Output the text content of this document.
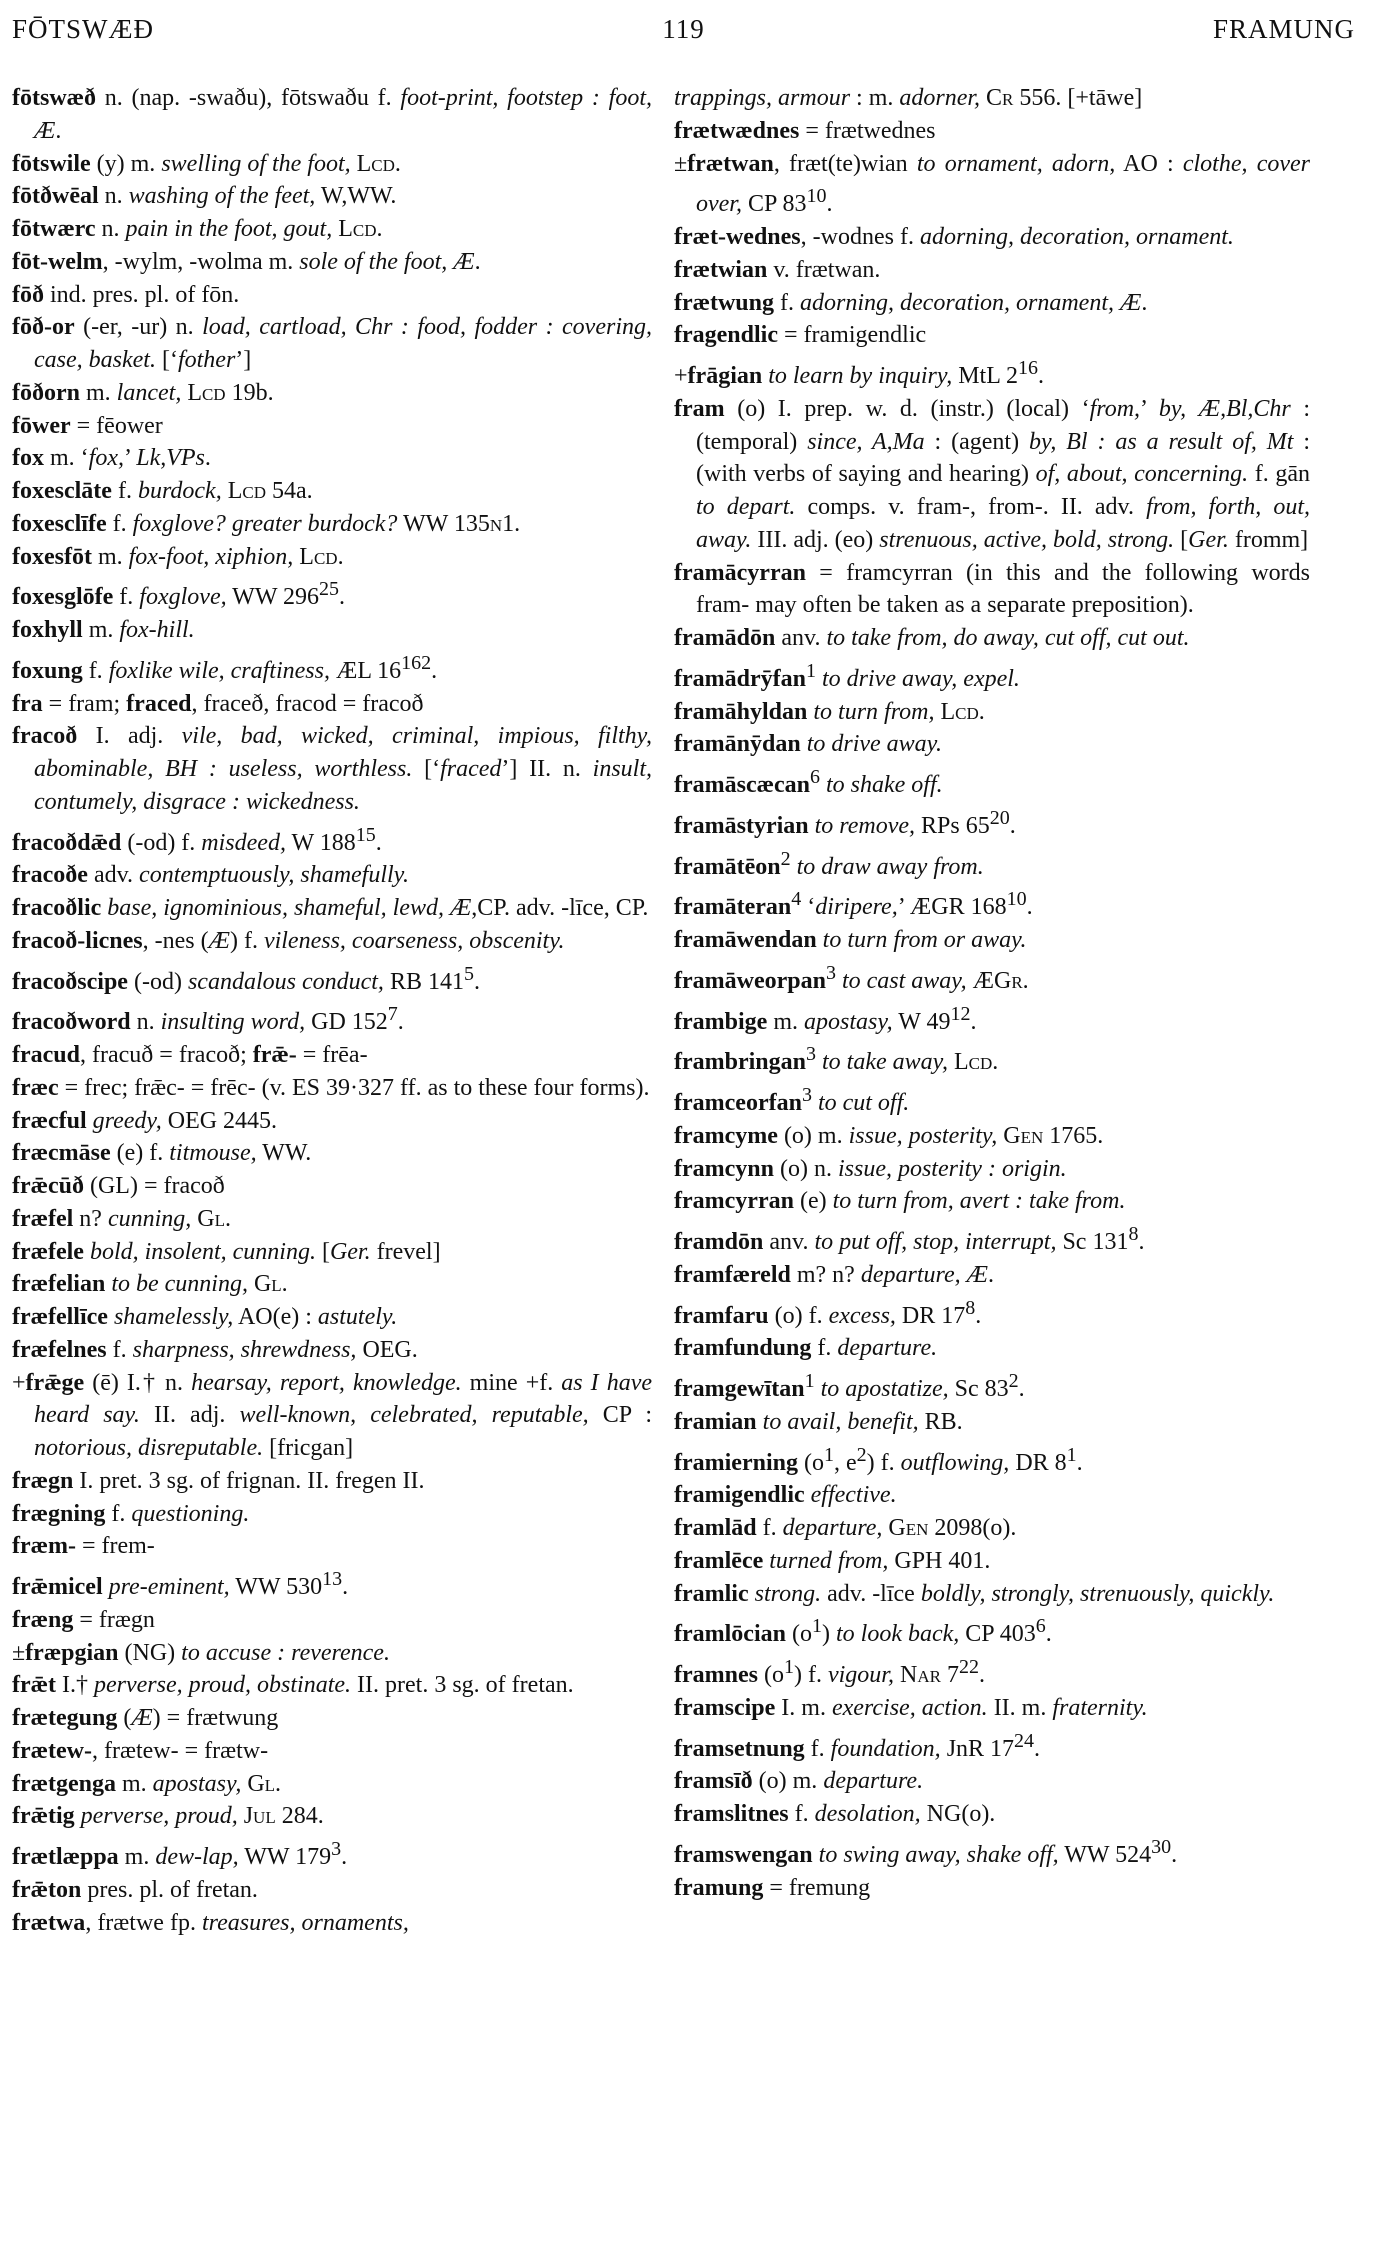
FŌTSWÆÐ	119	FRAMUNG
fōtswæð n. (nap. -swaðu), fōtswaðu f. foot-print, footstep : foot, Æ.
fōtswile (y) m. swelling of the foot, Lcd.
fōtðwēal n. washing of the feet, W,WW.
fōtwærc n. pain in the foot, gout, Lcd.
fōt-welm, -wylm, -wolma m. sole of the foot, Æ.
fōð ind. pres. pl. of fōn.
fōð-or (-er, -ur) n. load, cartload, Chr : food, fodder : covering, case, basket. [‘fother’]
fōðorn m. lancet, Lcd 19b.
fōwer = fēower
fox m. ‘fox,’ Lk,VPs.
foxesclāte f. burdock, Lcd 54a.
foxesclīfe f. foxglove? greater burdock? WW 135n1.
foxesfōt m. fox-foot, xiphion, Lcd.
foxesglōfe f. foxglove, WW $296^{25}$.
foxhyll m. fox-hill.
foxung f. foxlike wile, craftiness, ÆL $16^{162}$.
fra = fram; fraced, fraceð, fracod = fracoð
fracoð I. adj. vile, bad, wicked, criminal, impious, filthy, abominable, BH : useless, worthless. [‘fraced’] II. n. insult, contumely, disgrace : wickedness.
fracoðdǣd (-od) f. misdeed, W $188^{15}$.
fracoðe adv. contemptuously, shamefully.
fracoðlic base, ignominious, shameful, lewd, Æ,CP. adv. -līce, CP.
fracoð-licnes, -nes (Æ) f. vileness, coarseness, obscenity.
fracoðscipe (-od) scandalous conduct, RB $141^5$.
fracoðword n. insulting word, GD $152^7$.
fracud, fracuð = fracoð; frǣ- = frēa-
fræc = frec; frǣc- = frēc- (v. ES 39·327 ff. as to these four forms).
fræcful greedy, OEG 2445.
fræcmāse (e) f. titmouse, WW.
frǣcūð (GL) = fracoð
fræfel n? cunning, Gl.
fræfele bold, insolent, cunning. [Ger. frevel]
fræfelian to be cunning, Gl.
fræfellīce shamelessly, AO(e) : astutely.
fræfelnes f. sharpness, shrewdness, OEG.
+frǣge (ē) I.† n. hearsay, report, knowledge. mine +f. as I have heard say. II. adj. well-known, celebrated, reputable, CP : notorious, disreputable. [fricgan]
frægn I. pret. 3 sg. of frignan. II. fregen II.
frægning f. questioning.
fræm- = frem-
frǣmicel pre-eminent, WW $530^{13}$.
fræng = frægn
±fræpgian (NG) to accuse : reverence.
frǣt I.† perverse, proud, obstinate. II. pret. 3 sg. of fretan.
frætegung (Æ) = frætwung
frætew-, frætew- = frætw-
frætgenga m. apostasy, Gl.
frǣtig perverse, proud, Jul 284.
frætlæppa m. dew-lap, WW $179^3$.
frǣton pres. pl. of fretan.
frætwa, frætwe fp. treasures, ornaments,
trappings, armour : m. adorner, Cr 556. [+tāwe]
frætwædnes = frætwednes
±frætwan, fræt(te)wian to ornament, adorn, AO : clothe, cover over, CP $83^{10}$.
fræt-wednes, -wodnes f. adorning, decoration, ornament.
frætwian v. frætwan.
frætwung f. adorning, decoration, ornament, Æ.
fragendlic = framigendlic
+frāgian to learn by inquiry, MtL $2^{16}$.
fram (o) I. prep. w. d. (instr.) (local) ‘from,’ by, Æ,Bl,Chr : (temporal) since, A,Ma : (agent) by, Bl : as a result of, Mt : (with verbs of saying and hearing) of, about, concerning. f. gān to depart. comps. v. fram-, from-. II. adv. from, forth, out, away. III. adj. (eo) strenuous, active, bold, strong. [Ger. fromm]
framācyrran = framcyrran (in this and the following words fram- may often be taken as a separate preposition).
framādōn anv. to take from, do away, cut off, cut out.
framādrȳfan$^1$ to drive away, expel.
framāhyldan to turn from, Lcd.
framānȳdan to drive away.
framāscæcan$^6$ to shake off.
framāstyrian to remove, RPs $65^{20}$.
framātēon$^2$ to draw away from.
framāteran$^4$ ‘diripere,’ ÆGR $168^{10}$.
framāwendan to turn from or away.
framāweorpan$^3$ to cast away, ÆGr.
frambige m. apostasy, W $49^{12}$.
frambringan$^3$ to take away, Lcd.
framceorfan$^3$ to cut off.
framcyme (o) m. issue, posterity, Gen 1765.
framcynn (o) n. issue, posterity : origin.
framcyrran (e) to turn from, avert : take from.
framdōn anv. to put off, stop, interrupt, Sc $131^8$.
framfæreld m? n? departure, Æ.
framfaru (o) f. excess, DR $17^8$.
framfundung f. departure.
framgewītan$^1$ to apostatize, Sc $83^2$.
framian to avail, benefit, RB.
framierning ($o^1$, $e^2$) f. outflowing, DR $8^1$.
framigendlic effective.
framlād f. departure, Gen 2098(o).
framlēce turned from, GPH 401.
framlic strong. adv. -līce boldly, strongly, strenuously, quickly.
framlōcian $(o^1)$ to look back, CP $403^6$.
framnes $(o^1)$ f. vigour, Nar $7^{22}$.
framscipe I. m. exercise, action. II. m. fraternity.
framsetnung f. foundation, JnR $17^{24}$.
framsīð (o) m. departure.
framslitnes f. desolation, NG(o).
framswengan to swing away, shake off, WW $524^{30}$.
framung = fremung
